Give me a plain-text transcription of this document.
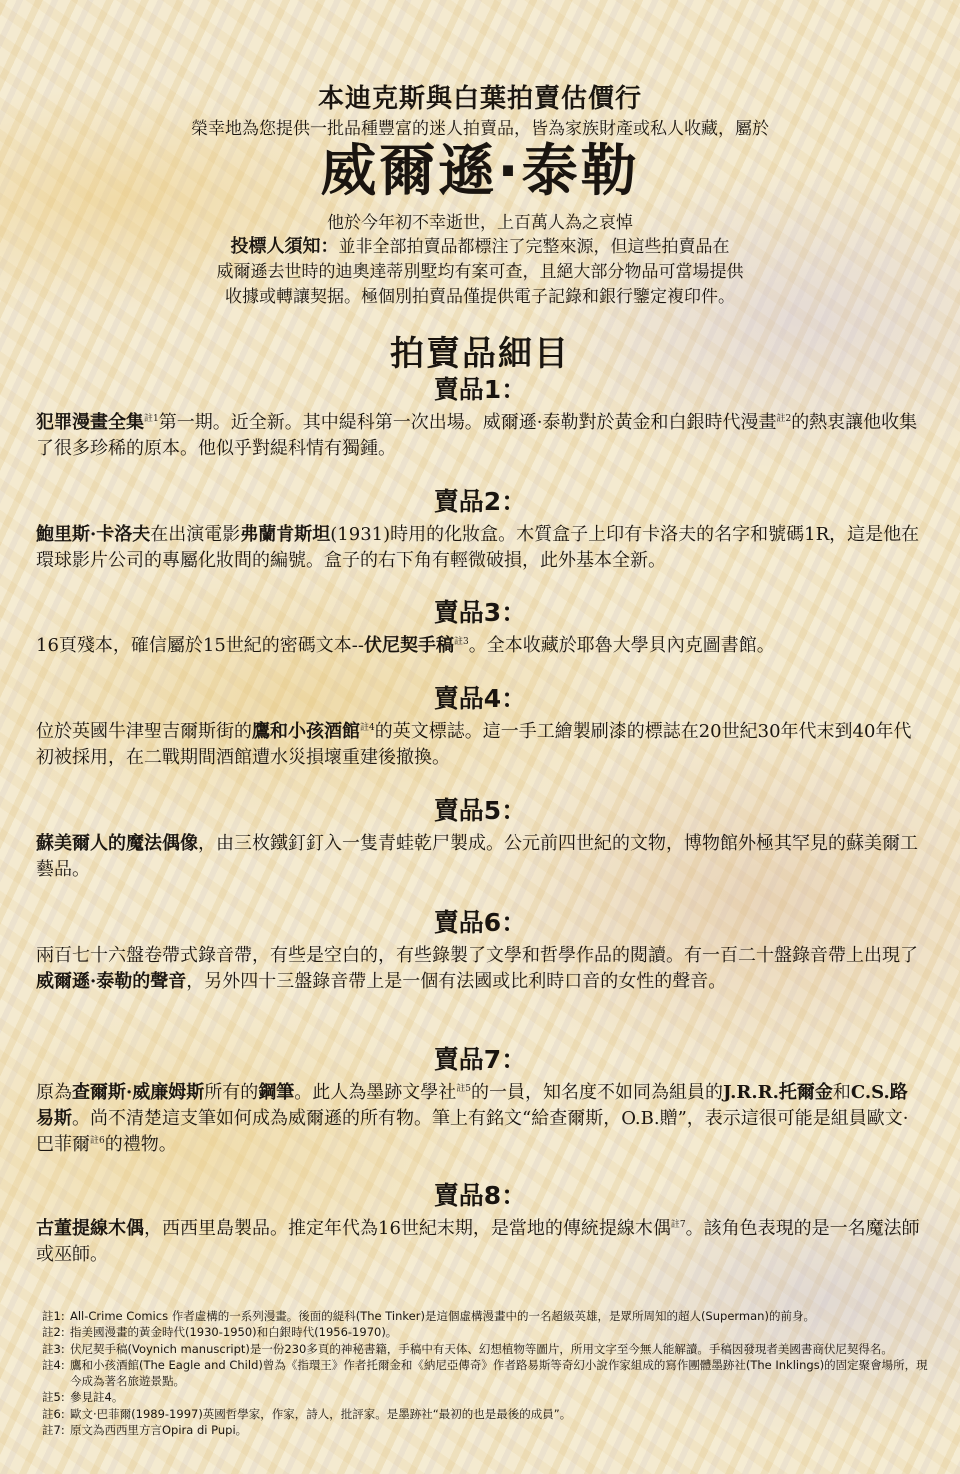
本迪克斯與白葉拍賣估價行
榮幸地為您提供一批品種豐富的迷人拍賣品，皆為家族財產或私人收藏，屬於
威爾遜·泰勒
他於今年初不幸逝世，上百萬人為之哀悼
投標人須知：並非全部拍賣品都標注了完整來源，但這些拍賣品在
威爾遜去世時的迪奧達蒂別墅均有案可查，且絕大部分物品可當場提供
收據或轉讓契据。極個別拍賣品僅提供電子記錄和銀行鑒定複印件。
拍賣品細目
賣品1：

犯罪漫畫全集$^{註1}$第一期。近全新。其中緹科第一次出場。威爾遜·泰勒對於黃金和白銀時代漫畫$^{註2}$的熱衷讓他收集了很多珍稀的原本。他似乎對緹科情有獨鍾。

賣品2：

鮑里斯·卡洛夫在出演電影弗蘭肯斯坦(1931)時用的化妝盒。木質盒子上印有卡洛夫的名字和號碼1R，這是他在環球影片公司的專屬化妝間的編號。盒子的右下角有輕微破損，此外基本全新。

賣品3：

16頁殘本，確信屬於15世紀的密碼文本--伏尼契手稿$^{註3}$。全本收藏於耶魯大學貝內克圖書館。

賣品4：

位於英國牛津聖吉爾斯街的鷹和小孩酒館$^{註4}$的英文標誌。這一手工繪製刷漆的標誌在20世紀30年代末到40年代初被採用，在二戰期間酒館遭水災損壞重建後撤換。

賣品5：

蘇美爾人的魔法偶像，由三枚鐵釘釘入一隻青蛙乾尸製成。公元前四世紀的文物，博物館外極其罕見的蘇美爾工藝品。

賣品6：

兩百七十六盤卷帶式錄音帶，有些是空白的，有些錄製了文學和哲學作品的閱讀。有一百二十盤錄音帶上出現了威爾遜·泰勒的聲音，另外四十三盤錄音帶上是一個有法國或比利時口音的女性的聲音。

賣品7：

原為查爾斯·威廉姆斯所有的鋼筆。此人為墨跡文學社$^{註5}$的一員，知名度不如同為組員的J.R.R.托爾金和C.S.路易斯。尚不清楚這支筆如何成為威爾遜的所有物。筆上有銘文“給查爾斯，O.B.贈”，表示這很可能是組員歐文·巴菲爾$^{註6}$的禮物。

賣品8：

古董提線木偶，西西里島製品。推定年代為16世紀末期，是當地的傳統提線木偶$^{註7}$。該角色表現的是一名魔法師或巫師。

註1: All-Crime Comics 作者虛構的一系列漫畫。後面的緹科(The Tinker)是這個虛構漫畫中的一名超級英雄，是眾所周知的超人(Superman)的前身。
註2: 指美國漫畫的黃金時代(1930-1950)和白銀時代(1956-1970)。
註3: 伏尼契手稿(Voynich manuscript)是一份230多頁的神秘書籍，手稿中有天体、幻想植物等圖片，所用文字至今無人能解讀。手稿因發現者美國書商伏尼契得名。
註4: 鷹和小孩酒館(The Eagle and Child)曾為《指環王》作者托爾金和《納尼亞傳奇》作者路易斯等奇幻小說作家組成的寫作團體墨跡社(The Inklings)的固定聚會場所，現今成為著名旅遊景點。
註5: 參見註4。
註6: 歐文·巴菲爾(1989-1997)英國哲學家，作家，詩人，批評家。是墨跡社“最初的也是最後的成員”。
註7: 原文為西西里方言Opira di Pupi。
